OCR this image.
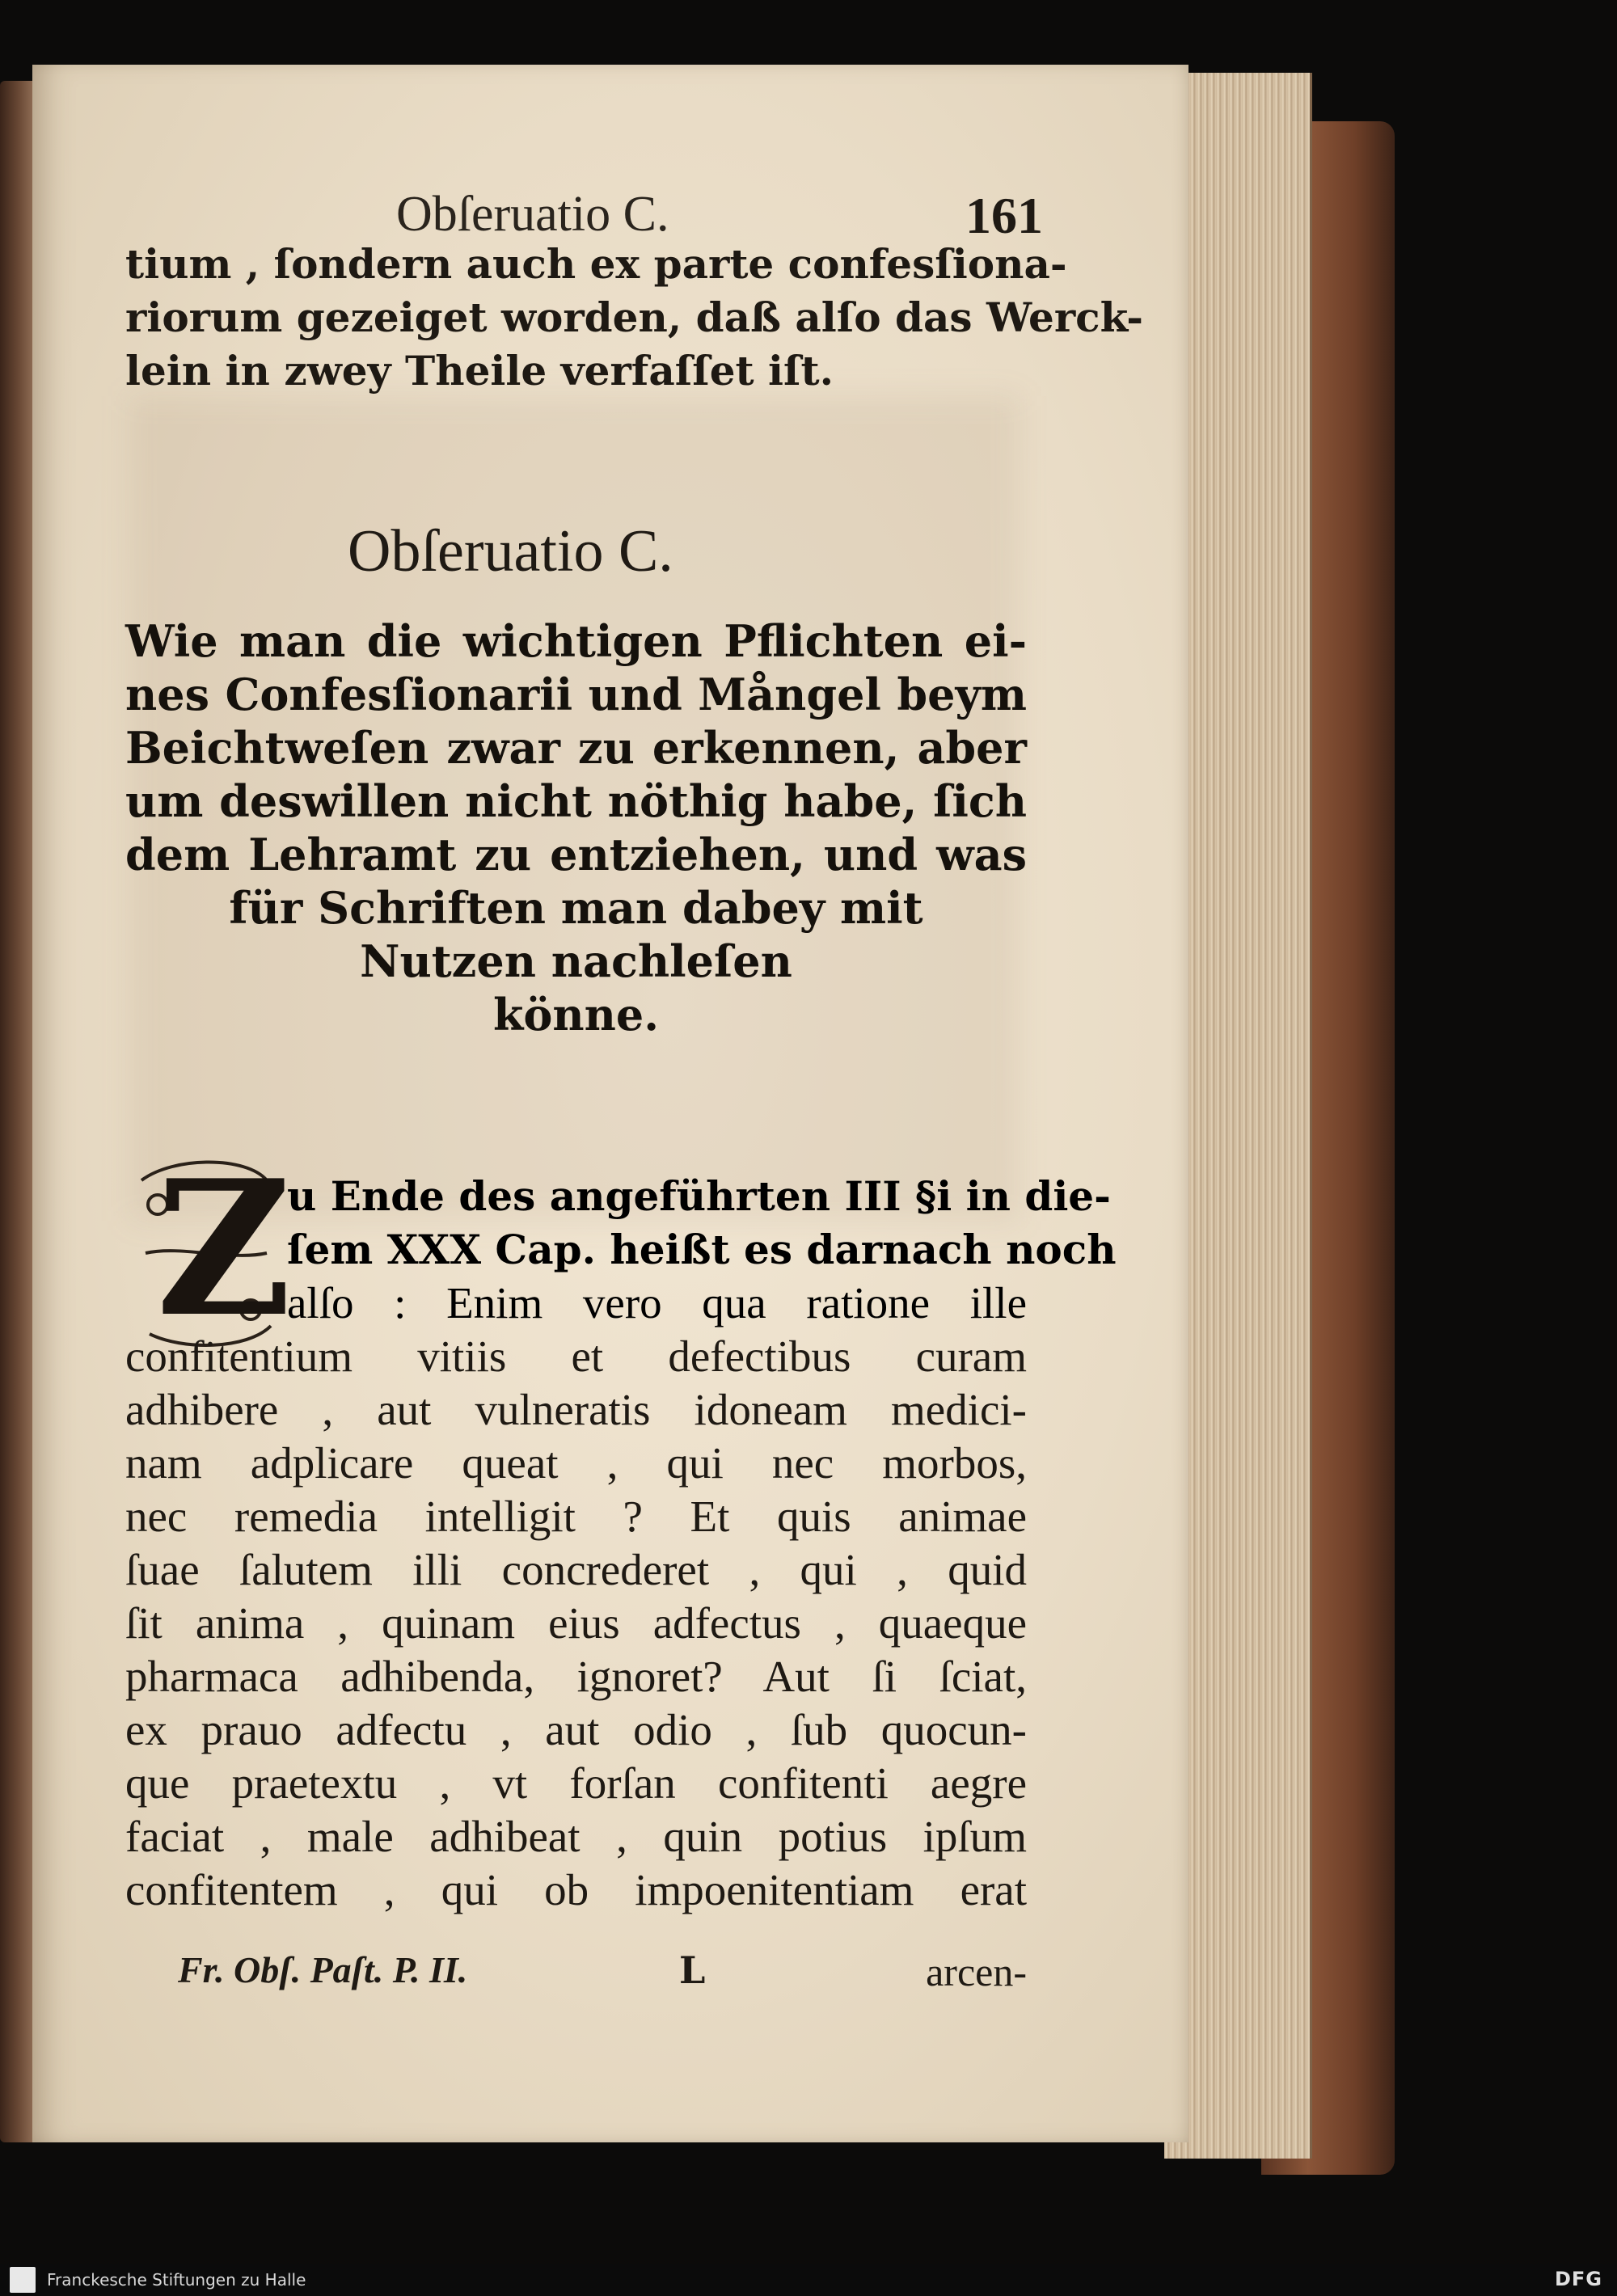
Obſeruatio C.	161
tium , ſondern auch ex parte confesſiona-
riorum gezeiget worden, daß alſo das Werck-
lein in zwey Theile verfaſſet iſt.
Obſeruatio C.
Wie man die wichtigen Pflichten ei-
nes Confesſionarii und Mångel beym
Beichtweſen zwar zu erkennen, aber
um deswillen nicht nöthig habe, ſich
dem Lehramt zu entziehen, und was
für Schriften man dabey mit
Nutzen nachleſen
könne.
Z
u Ende des angeführten III §i in die-
ſem XXX Cap. heißt es darnach noch
alſo : Enim vero qua ratione ille
confitentium vitiis et defectibus curam
adhibere , aut vulneratis idoneam medici-
nam adplicare queat , qui nec morbos,
nec remedia intelligit ? Et quis animae
ſuae ſalutem illi concrederet , qui , quid
ſit anima , quinam eius adfectus , quaeque
pharmaca adhibenda, ignoret? Aut ſi ſciat,
ex prauo adfectu , aut odio , ſub quocun-
que praetextu , vt forſan confitenti aegre
faciat , male adhibeat , quin potius ipſum
confitentem , qui ob impoenitentiam erat
Fr. Obſ. Paſt. P. II.	L	arcen-
Franckesche Stiftungen zu Halle	DFG
